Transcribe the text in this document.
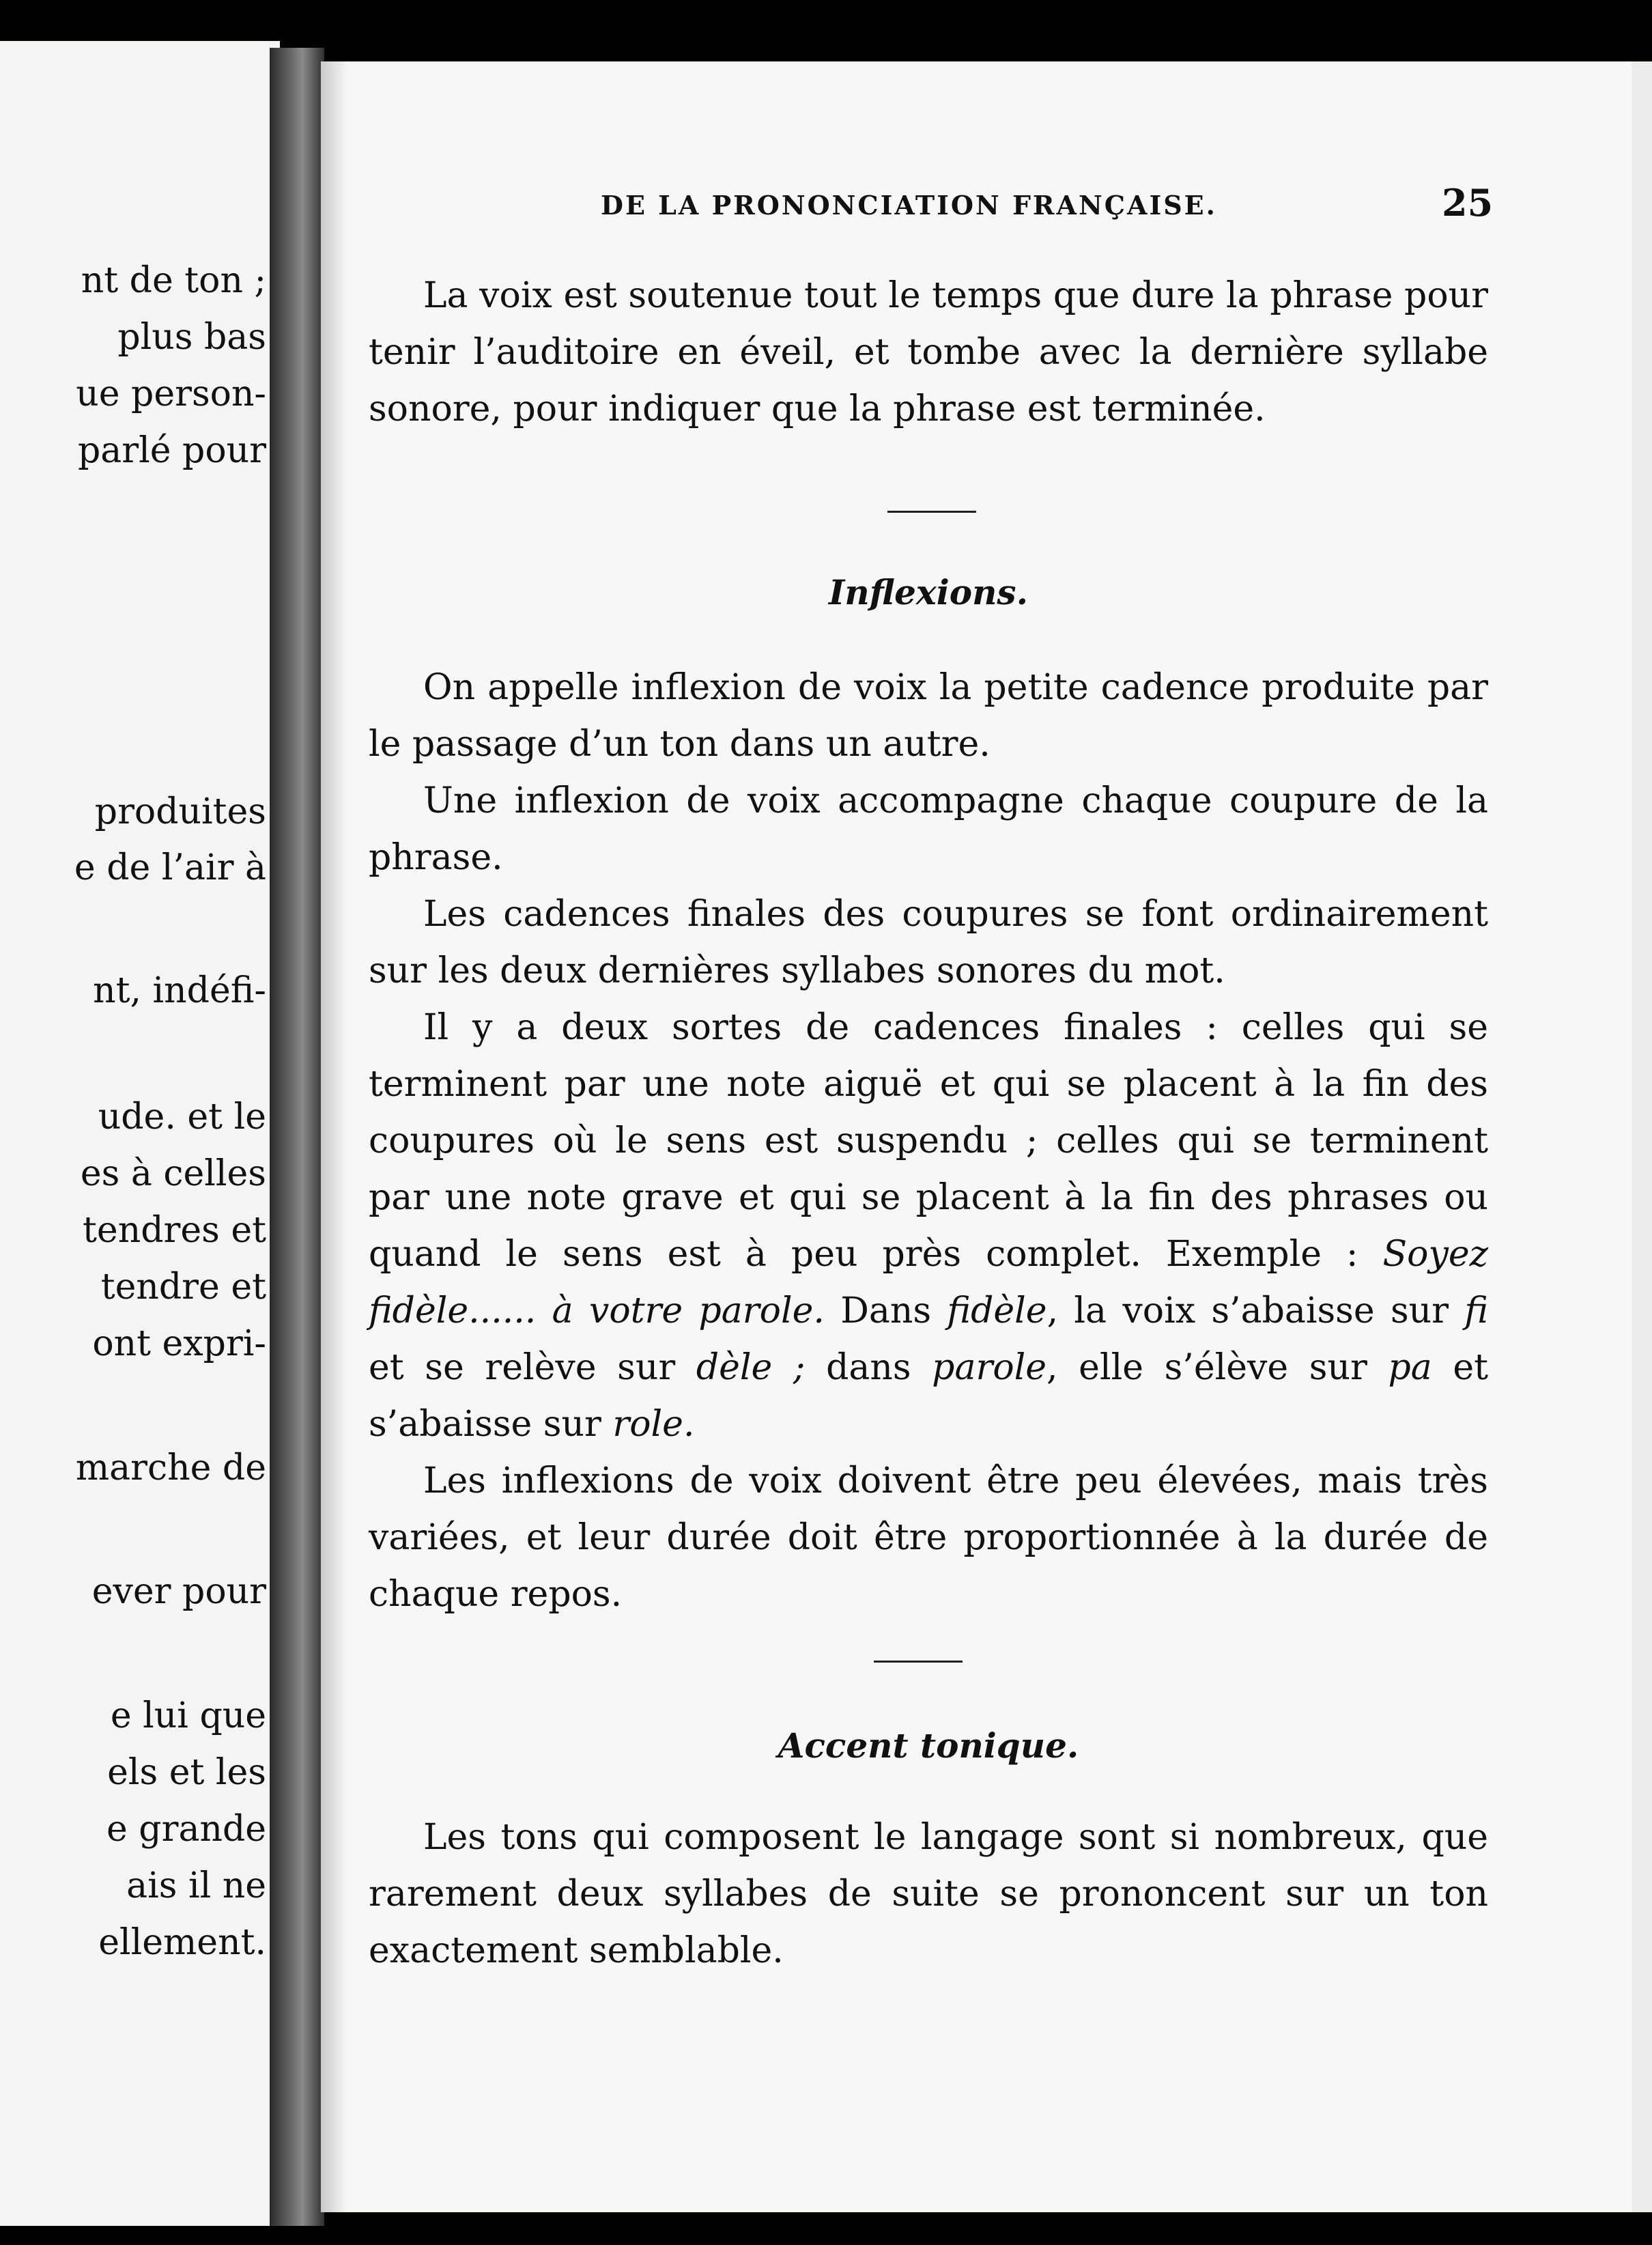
nt de ton ;
plus bas
ue person-
parlé pour
produites
e de l’air à
nt, indéfi-
ude. et le
es à celles
tendres et
tendre et
ont expri-
marche de
ever pour
e lui que
els et les
e grande
ais il ne
ellement.
DE LA PRONONCIATION FRANÇAISE.	25

La voix est soutenue tout le temps que dure la phrase pour tenir l’auditoire en éveil, et tombe avec la dernière syllabe sonore, pour indiquer que la phrase est terminée.

Inflexions.

On appelle inflexion de voix la petite cadence produite par le passage d’un ton dans un autre.

Une inflexion de voix accompagne chaque coupure de la phrase.

Les cadences finales des coupures se font ordinairement sur les deux dernières syllabes sonores du mot.

Il y a deux sortes de cadences finales : celles qui se terminent par une note aiguë et qui se placent à la fin des coupures où le sens est suspendu ; celles qui se terminent par une note grave et qui se placent à la fin des phrases ou quand le sens est à peu près complet. Exemple : Soyez fidèle...... à votre parole. Dans fidèle, la voix s’abaisse sur fi et se relève sur dèle ; dans parole, elle s’élève sur pa et s’abaisse sur role.

Les inflexions de voix doivent être peu élevées, mais très variées, et leur durée doit être proportionnée à la durée de chaque repos.

Accent tonique.

Les tons qui composent le langage sont si nombreux, que rarement deux syllabes de suite se prononcent sur un ton exactement semblable.
